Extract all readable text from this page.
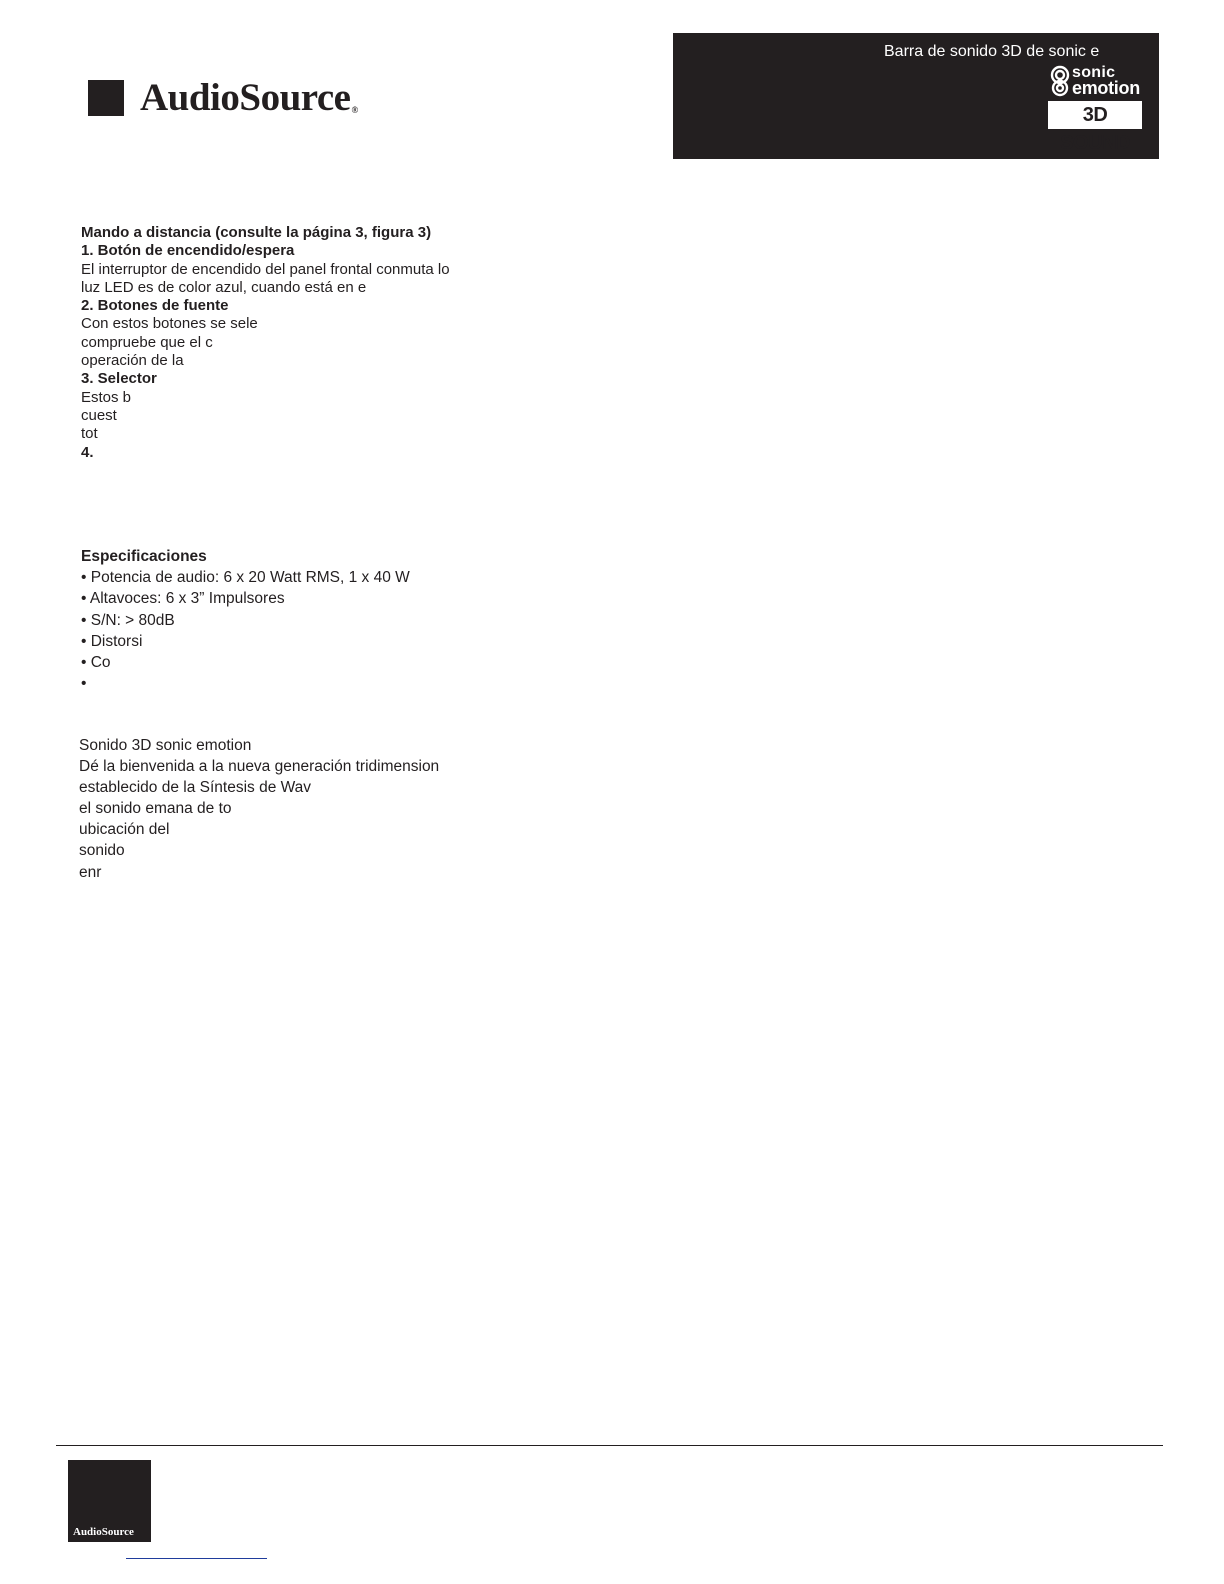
AudioSource®
Barra de sonido 3D de sonic e
sonic
emotion
3D SOUND
Mando a distancia (consulte la página 3, figura 3)
1. Botón de encendido/espera
El interruptor de encendido del panel frontal conmuta lo
luz LED es de color azul, cuando está en e
2. Botones de fuente
Con estos botones se sele
compruebe que el c
operación de la
3. Selector
Estos b
cuest
tot
4.
Especificaciones
• Potencia de audio: 6 x 20 Watt RMS, 1 x 40 W
• Altavoces: 6 x 3” Impulsores
• S/N: > 80dB
• Distorsi
• Co
•
Sonido 3D sonic emotion
Dé la bienvenida a la nueva generación tridimension
establecido de la Síntesis de Wav
el sonido emana de to
ubicación del
sonido
enr
AudioSource
